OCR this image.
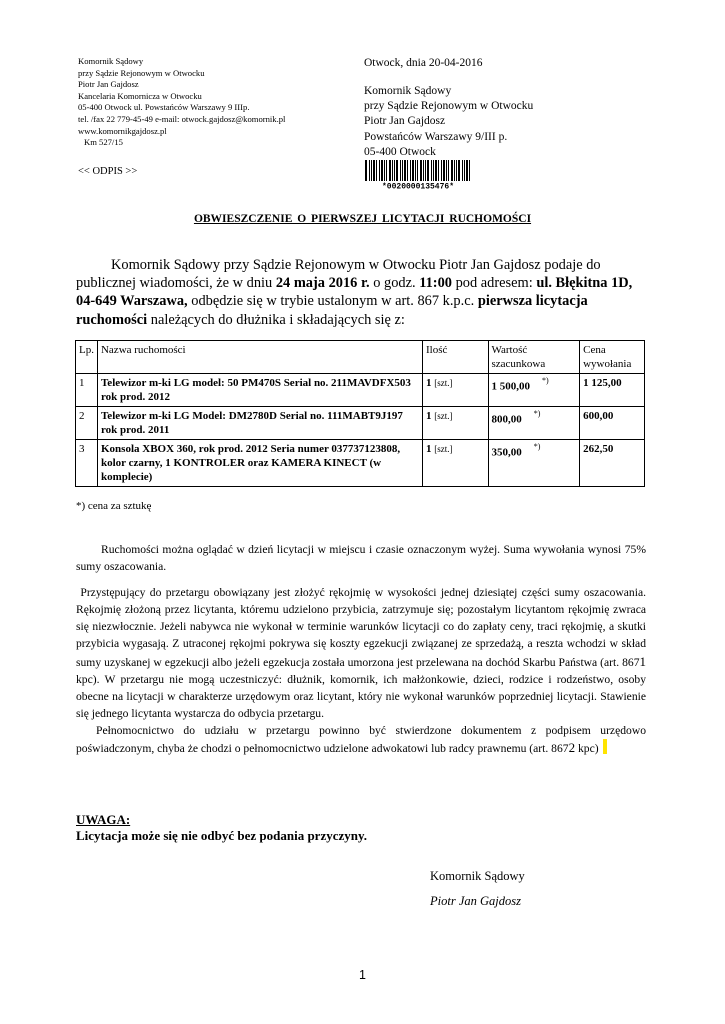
Komornik Sądowy
przy Sądzie Rejonowym w Otwocku
Piotr Jan Gajdosz
Kancelaria Komornicza w Otwocku
05-400 Otwock ul. Powstańców Warszawy 9 IIIp.
tel. /fax 22 779-45-49 e-mail: otwock.gajdosz@komornik.pl
www.komornikgajdosz.pl
Km 527/15
<< ODPIS >>
Otwock, dnia 20-04-2016
Komornik Sądowy
przy Sądzie Rejonowym w Otwocku
Piotr Jan Gajdosz
Powstańców Warszawy 9/III p.
05-400 Otwock
*0020000135476*
OBWIESZCZENIE O PIERWSZEJ LICYTACJI RUCHOMOŚCI

Komornik Sądowy przy Sądzie Rejonowym w Otwocku Piotr Jan Gajdosz podaje do publicznej wiadomości, że w dniu 24 maja 2016 r. o godz. 11:00 pod adresem: ul. Błękitna 1D, 04-649 Warszawa, odbędzie się w trybie ustalonym w art. 867 k.p.c. pierwsza licytacja ruchomości należących do dłużnika i składających się z:

Lp.	Nazwa ruchomości	Ilość	Wartość szacunkowa	Cena wywołania
1	Telewizor m-ki LG model: 50 PM470S Serial no. 211MAVDFX503 rok prod. 2012	1 [szt.]	1 500,00*)	1 125,00
2	Telewizor m-ki LG Model: DM2780D Serial no. 111MABT9J197 rok prod. 2011	1 [szt.]	800,00*)	600,00
3	Konsola XBOX 360, rok prod. 2012 Seria numer 037737123808, kolor czarny, 1 KONTROLER oraz KAMERA KINECT (w komplecie)	1 [szt.]	350,00*)	262,50
*) cena za sztukę

Ruchomości można oglądać w dzień licytacji w miejscu i czasie oznaczonym wyżej. Suma wywołania wynosi 75% sumy oszacowania.

Przystępujący do przetargu obowiązany jest złożyć rękojmię w wysokości jednej dziesiątej części sumy oszacowania. Rękojmię złożoną przez licytanta, któremu udzielono przybicia, zatrzymuje się; pozostałym licytantom rękojmię zwraca się niezwłocznie. Jeżeli nabywca nie wykonał w terminie warunków licytacji co do zapłaty ceny, traci rękojmię, a skutki przybicia wygasają. Z utraconej rękojmi pokrywa się koszty egzekucji związanej ze sprzedażą, a reszta wchodzi w skład sumy uzyskanej w egzekucji albo jeżeli egzekucja została umorzona jest przelewana na dochód Skarbu Państwa (art. 8671 kpc). W przetargu nie mogą uczestniczyć: dłużnik, komornik, ich małżonkowie, dzieci, rodzice i rodzeństwo, osoby obecne na licytacji w charakterze urzędowym oraz licytant, który nie wykonał warunków poprzedniej licytacji. Stawienie się jednego licytanta wystarcza do odbycia przetargu.

Pełnomocnictwo do udziału w przetargu powinno być stwierdzone dokumentem z podpisem urzędowo poświadczonym, chyba że chodzi o pełnomocnictwo udzielone adwokatowi lub radcy prawnemu (art. 8672 kpc)

UWAGA:
Licytacja może się nie odbyć bez podania przyczyny.
Komornik Sądowy
Piotr Jan Gajdosz
1
